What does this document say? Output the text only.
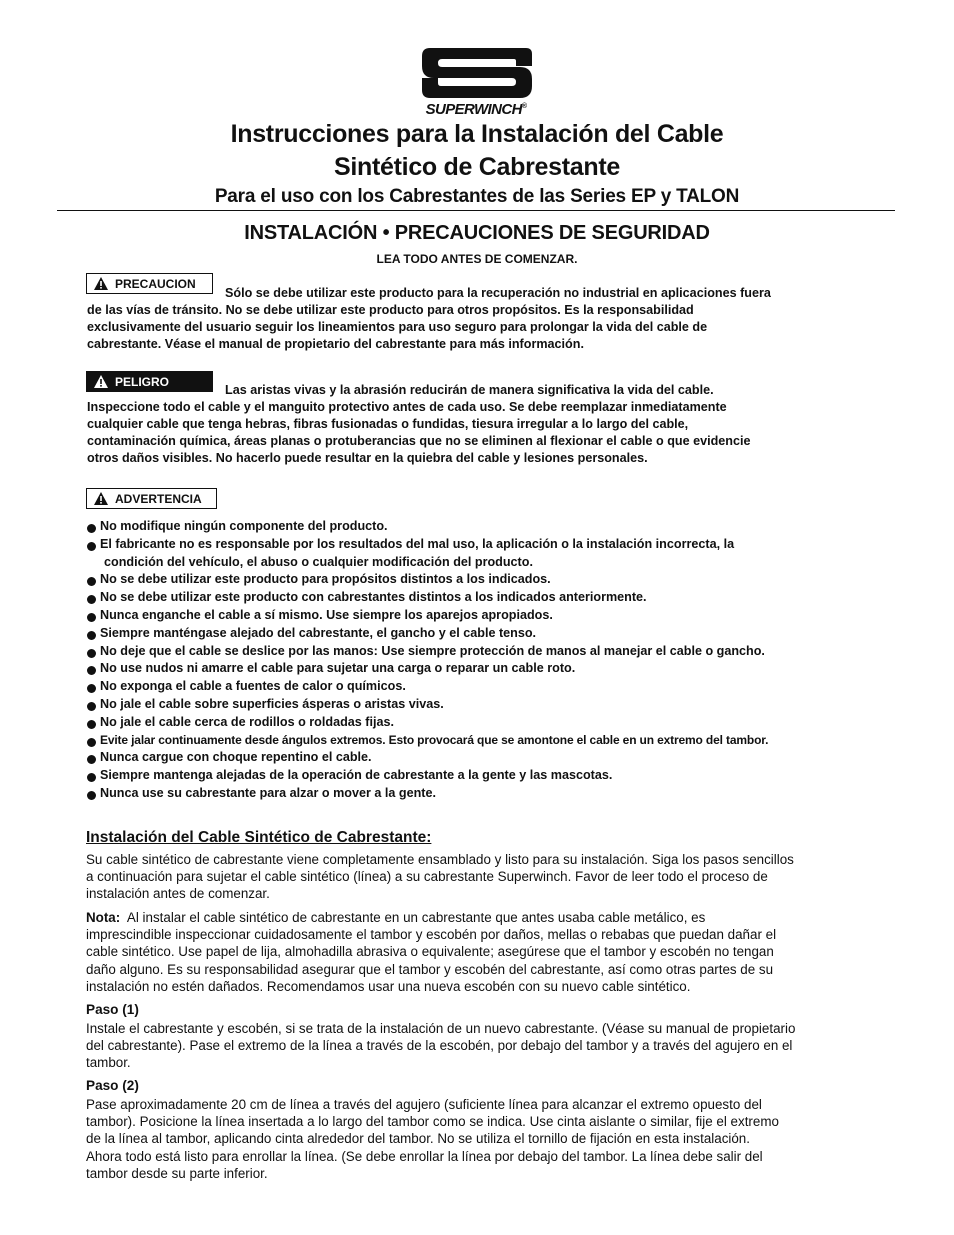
SUPERWINCH®
Instrucciones para la Instalación del Cable
Sintético de Cabrestante
Para el uso con los Cabrestantes de las Series EP y TALON
INSTALACIÓN • PRECAUCIONES DE SEGURIDAD
LEA TODO ANTES DE COMENZAR.
PRECAUCION
Sólo se debe utilizar este producto para la recuperación no industrial en aplicaciones fuera
de las vías de tránsito. No se debe utilizar este producto para otros propósitos. Es la responsabilidad
exclusivamente del usuario seguir los lineamientos para uso seguro para prolongar la vida del cable de
cabrestante. Véase el manual de propietario del cabrestante para más información.
PELIGRO
Las aristas vivas y la abrasión reducirán de manera significativa la vida del cable.
Inspeccione todo el cable y el manguito protectivo antes de cada uso. Se debe reemplazar inmediatamente
cualquier cable que tenga hebras, fibras fusionadas o fundidas, tiesura irregular a lo largo del cable,
contaminación química, áreas planas o protuberancias que no se eliminen al flexionar el cable o que evidencie
otros daños visibles. No hacerlo puede resultar en la quiebra del cable y lesiones personales.
ADVERTENCIA
No modifique ningún componente del producto.
El fabricante no es responsable por los resultados del mal uso, la aplicación o la instalación incorrecta, la
condición del vehículo, el abuso o cualquier modificación del producto.
No se debe utilizar este producto para propósitos distintos a los indicados.
No se debe utilizar este producto con cabrestantes distintos a los indicados anteriormente.
Nunca enganche el cable a sí mismo. Use siempre los aparejos apropiados.
Siempre manténgase alejado del cabrestante, el gancho y el cable tenso.
No deje que el cable se deslice por las manos: Use siempre protección de manos al manejar el cable o gancho.
No use nudos ni amarre el cable para sujetar una carga o reparar un cable roto.
No exponga el cable a fuentes de calor o químicos.
No jale el cable sobre superficies ásperas o aristas vivas.
No jale el cable cerca de rodillos o roldadas fijas.
Evite jalar continuamente desde ángulos extremos. Esto provocará que se amontone el cable en un extremo del tambor.
Nunca cargue con choque repentino el cable.
Siempre mantenga alejadas de la operación de cabrestante a la gente y las mascotas.
Nunca use su cabrestante para alzar o mover a la gente.
Instalación del Cable Sintético de Cabrestante:
Su cable sintético de cabrestante viene completamente ensamblado y listo para su instalación. Siga los pasos sencillos
a continuación para sujetar el cable sintético (línea) a su cabrestante Superwinch. Favor de leer todo el proceso de
instalación antes de comenzar.
Nota: Al instalar el cable sintético de cabrestante en un cabrestante que antes usaba cable metálico, es
imprescindible inspeccionar cuidadosamente el tambor y escobén por daños, mellas o rebabas que puedan dañar el
cable sintético. Use papel de lija, almohadilla abrasiva o equivalente; asegúrese que el tambor y escobén no tengan
daño alguno. Es su responsabilidad asegurar que el tambor y escobén del cabrestante, así como otras partes de su
instalación no estén dañados. Recomendamos usar una nueva escobén con su nuevo cable sintético.
Paso (1)
Instale el cabrestante y escobén, si se trata de la instalación de un nuevo cabrestante. (Véase su manual de propietario
del cabrestante). Pase el extremo de la línea a través de la escobén, por debajo del tambor y a través del agujero en el
tambor.
Paso (2)
Pase aproximadamente 20 cm de línea a través del agujero (suficiente línea para alcanzar el extremo opuesto del
tambor). Posicione la línea insertada a lo largo del tambor como se indica. Use cinta aislante o similar, fije el extremo
de la línea al tambor, aplicando cinta alrededor del tambor. No se utiliza el tornillo de fijación en esta instalación.
Ahora todo está listo para enrollar la línea. (Se debe enrollar la línea por debajo del tambor. La línea debe salir del
tambor desde su parte inferior.
